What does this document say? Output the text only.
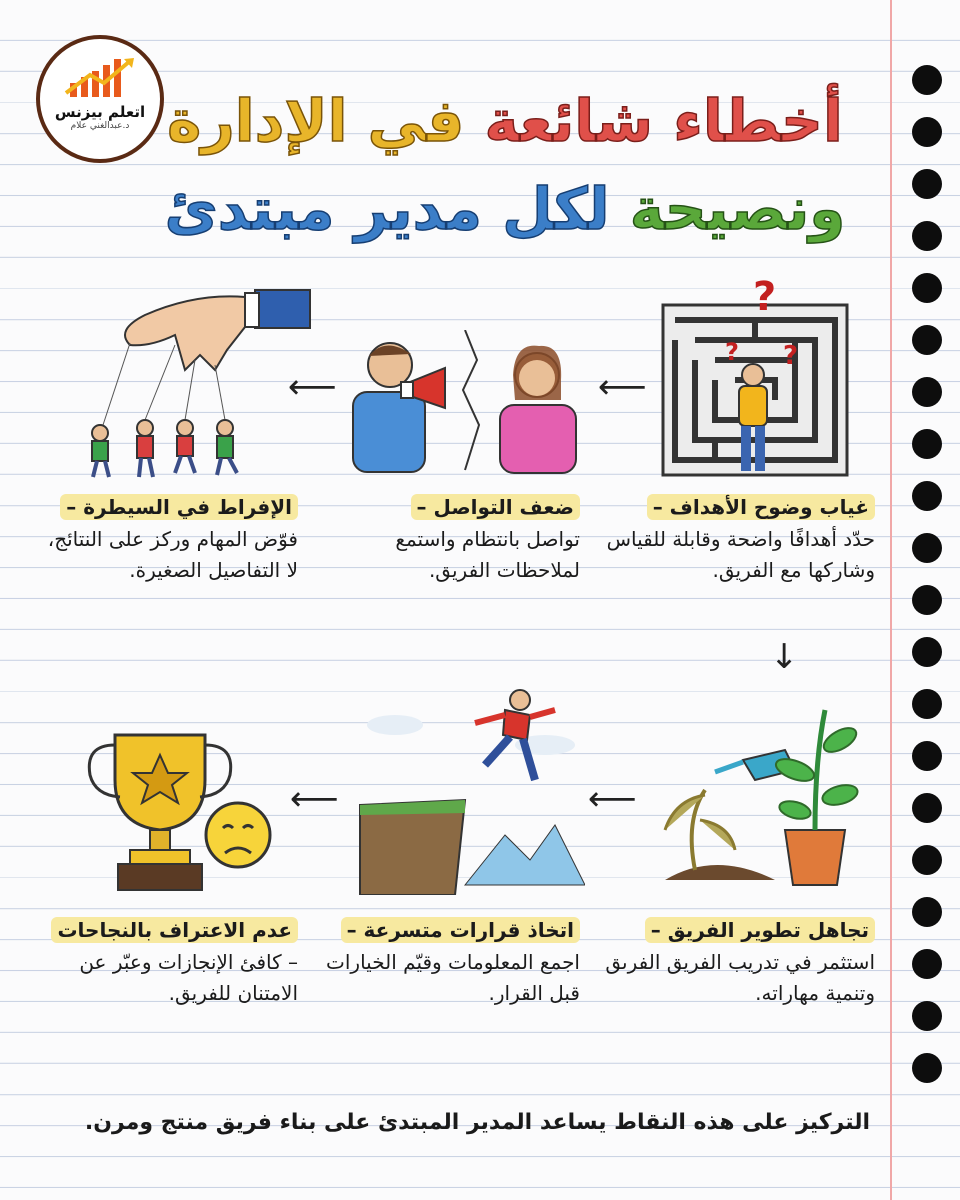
اتعلم بيزنس
د.عبدالغني علام	أخطاء شائعة في الإدارة
ونصيحة لكل مدير مبتدئ
?
? ?
⟵
⟵
↓
غياب وضوح الأهداف –
حدّد أهدافًا واضحة وقابلة للقياس وشاركها مع الفريق.
ضعف التواصل –
تواصل بانتظام واستمع لملاحظات الفريق.
الإفراط في السيطرة –
فوّض المهام وركز على النتائج، لا التفاصيل الصغيرة.
⟵
⟵
تجاهل تطوير الفريق –
استثمر في تدريب الفريق الفرىق وتنمية مهاراته.
اتخاذ قرارات متسرعة –
اجمع المعلومات وقيّم الخيارات قبل القرار.
عدم الاعتراف بالنجاحات
– كافئ الإنجازات وعبّر عن الامتنان للفريق.
التركيز على هذه النقاط يساعد المدير المبتدئ على بناء فريق منتج ومرن.
